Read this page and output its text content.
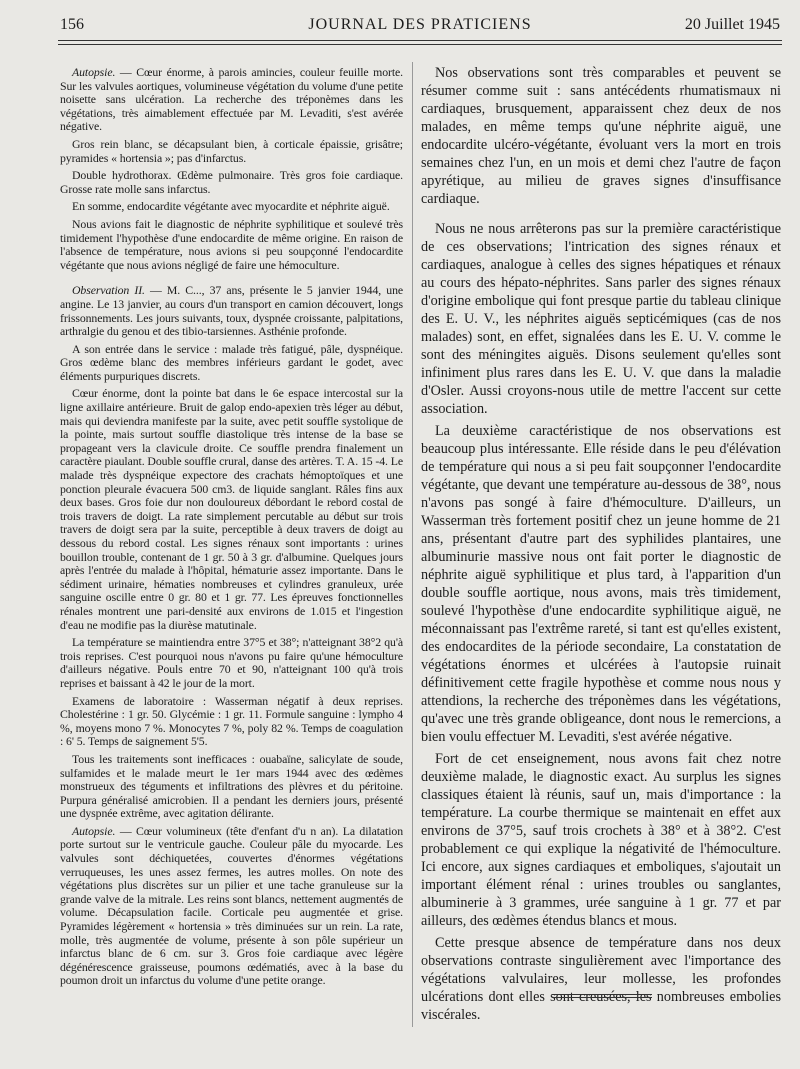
156	JOURNAL DES PRATICIENS	20 Juillet 1945

Autopsie. — Cœur énorme, à parois amincies, couleur feuille morte. Sur les valvules aortiques, volumineuse végétation du volume d'une petite noisette sans ulcération. La recherche des tréponèmes dans les végétations, très aimablement effectuée par M. Levaditi, s'est avérée négative.

Gros rein blanc, se décapsulant bien, à corticale épaissie, grisâtre; pyramides « hortensia »; pas d'infarctus.

Double hydrothorax. Œdème pulmonaire. Très gros foie cardiaque. Grosse rate molle sans infarctus.

En somme, endocardite végétante avec myocardite et néphrite aiguë.

Nous avions fait le diagnostic de néphrite syphilitique et soulevé très timidement l'hypothèse d'une endocardite de même origine. En raison de l'absence de température, nous avions si peu soupçonné l'endocardite végétante que nous avions négligé de faire une hémoculture.

Observation II. — M. C..., 37 ans, présente le 5 janvier 1944, une angine. Le 13 janvier, au cours d'un transport en camion découvert, longs frissonnements. Les jours suivants, toux, dyspnée croissante, palpitations, arthralgie du genou et des tibio-tarsiennes. Asthénie profonde.

A son entrée dans le service : malade très fatigué, pâle, dyspnéique. Gros œdème blanc des membres inférieurs gardant le godet, avec éléments purpuriques discrets.

Cœur énorme, dont la pointe bat dans le 6e espace intercostal sur la ligne axillaire antérieure. Bruit de galop endo-apexien très léger au début, mais qui deviendra manifeste par la suite, avec petit souffle systolique de la pointe, mais surtout souffle diastolique très intense de la base se propageant vers la clavicule droite. Ce souffle prendra finalement un caractère piaulant. Double souffle crural, danse des artères. T. A. 15 -4. Le malade très dyspnéique expectore des crachats hémoptoïques et une ponction pleurale évacuera 500 cm3. de liquide sanglant. Râles fins aux deux bases. Gros foie dur non douloureux débordant le rebord costal de trois travers de doigt. La rate simplement percutable au début sur trois travers de doigt sera par la suite, perceptible à deux travers de doigt au dessous du rebord costal. Les signes rénaux sont importants : urines bouillon trouble, contenant de 1 gr. 50 à 3 gr. d'albumine. Quelques jours après l'entrée du malade à l'hôpital, hématurie assez importante. Dans le sédiment urinaire, hématies nombreuses et cylindres granuleux, urée sanguine oscille entre 0 gr. 80 et 1 gr. 77. Les épreuves fonctionnelles rénales montrent une pari-densité aux environs de 1.015 et l'ingestion d'eau ne modifie pas la diurèse matutinale.

La température se maintiendra entre 37°5 et 38°; n'atteignant 38°2 qu'à trois reprises. C'est pourquoi nous n'avons pu faire qu'une hémoculture d'ailleurs négative. Pouls entre 70 et 90, n'atteignant 100 qu'à trois reprises et baissant à 42 le jour de la mort.

Examens de laboratoire : Wasserman négatif à deux reprises. Cholestérine : 1 gr. 50. Glycémie : 1 gr. 11. Formule sanguine : lympho 4 %, moyens mono 7 %. Monocytes 7 %, poly 82 %. Temps de coagulation : 6' 5. Temps de saignement 5'5.

Tous les traitements sont inefficaces : ouabaïne, salicylate de soude, sulfamides et le malade meurt le 1er mars 1944 avec des œdèmes monstrueux des téguments et infiltrations des plèvres et du péritoine. Purpura généralisé amicrobien. Il a pendant les derniers jours, présenté une dyspnée extrême, avec agitation délirante.

Autopsie. — Cœur volumineux (tête d'enfant d'u n an). La dilatation porte surtout sur le ventricule gauche. Couleur pâle du myocarde. Les valvules sont déchiquetées, couvertes d'énormes végétations verruqueuses, les unes assez fermes, les autres molles. On note des végétations plus discrètes sur un pilier et une tache granuleuse sur la grande valve de la mitrale. Les reins sont blancs, nettement augmentés de volume. Décapsulation facile. Corticale peu augmentée et grise. Pyramides légèrement « hortensia » très diminuées sur un rein. La rate, molle, très augmentée de volume, présente à son pôle supérieur un infarctus blanc de 6 cm. sur 3. Gros foie cardiaque avec légère dégénérescence graisseuse, poumons œdématiés, avec à la base du poumon droit un infarctus du volume d'une petite orange.

Nos observations sont très comparables et peuvent se résumer comme suit : sans antécédents rhumatismaux ni cardiaques, brusquement, apparaissent chez deux de nos malades, en même temps qu'une néphrite aiguë, une endocardite ulcéro-végétante, évoluant vers la mort en trois semaines chez l'un, en un mois et demi chez l'autre de façon apyrétique, au milieu de graves signes d'insuffisance cardiaque.

Nous ne nous arrêterons pas sur la première caractéristique de ces observations; l'intrication des signes rénaux et cardiaques, analogue à celles des signes hépatiques et rénaux au cours des hépato-néphrites. Sans parler des signes rénaux d'origine embolique qui font presque partie du tableau clinique des E. U. V., les néphrites aiguës septicémiques (cas de nos malades) sont, en effet, signalées dans les E. U. V. comme le sont des méningites aiguës. Disons seulement qu'elles sont infiniment plus rares dans les E. U. V. que dans la maladie d'Osler. Aussi croyons-nous utile de mettre l'accent sur cette association.

La deuxième caractéristique de nos observations est beaucoup plus intéressante. Elle réside dans le peu d'élévation de température qui nous a si peu fait soupçonner l'endocardite végétante, que devant une température au-dessous de 38°, nous n'avons pas songé à faire d'hémoculture. D'ailleurs, un Wasserman très fortement positif chez un jeune homme de 21 ans, présentant d'autre part des syphilides plantaires, une albuminurie massive nous ont fait porter le diagnostic de néphrite aiguë syphilitique et plus tard, à l'apparition d'un double souffle aortique, nous avons, mais très timidement, soulevé l'hypothèse d'une endocardite syphilitique aiguë, ne méconnaissant pas l'extrême rareté, si tant est qu'elles existent, des endocardites de la période secondaire, La constatation de végétations énormes et ulcérées à l'autopsie ruinait définitivement cette fragile hypothèse et comme nous nous y attendions, la recherche des tréponèmes dans les végétations, qu'avec une très grande obligeance, dont nous le remercions, a bien voulu effectuer M. Levaditi, s'est avérée négative.

Fort de cet enseignement, nous avons fait chez notre deuxième malade, le diagnostic exact. Au surplus les signes classiques étaient là réunis, sauf un, mais d'importance : la température. La courbe thermique se maintenait en effet aux environs de 37°5, sauf trois crochets à 38° et à 38°2. C'est probablement ce qui explique la négativité de l'hémoculture. Ici encore, aux signes cardiaques et emboliques, s'ajoutait un important élément rénal : urines troubles ou sanglantes, albuminerie à 3 grammes, urée sanguine à 1 gr. 77 et par ailleurs, des œdèmes étendus blancs et mous.

Cette presque absence de température dans nos deux observations contraste singulièrement avec l'importance des végétations valvulaires, leur mollesse, les profondes ulcérations dont elles sont creusées, les nombreuses embolies viscérales.
